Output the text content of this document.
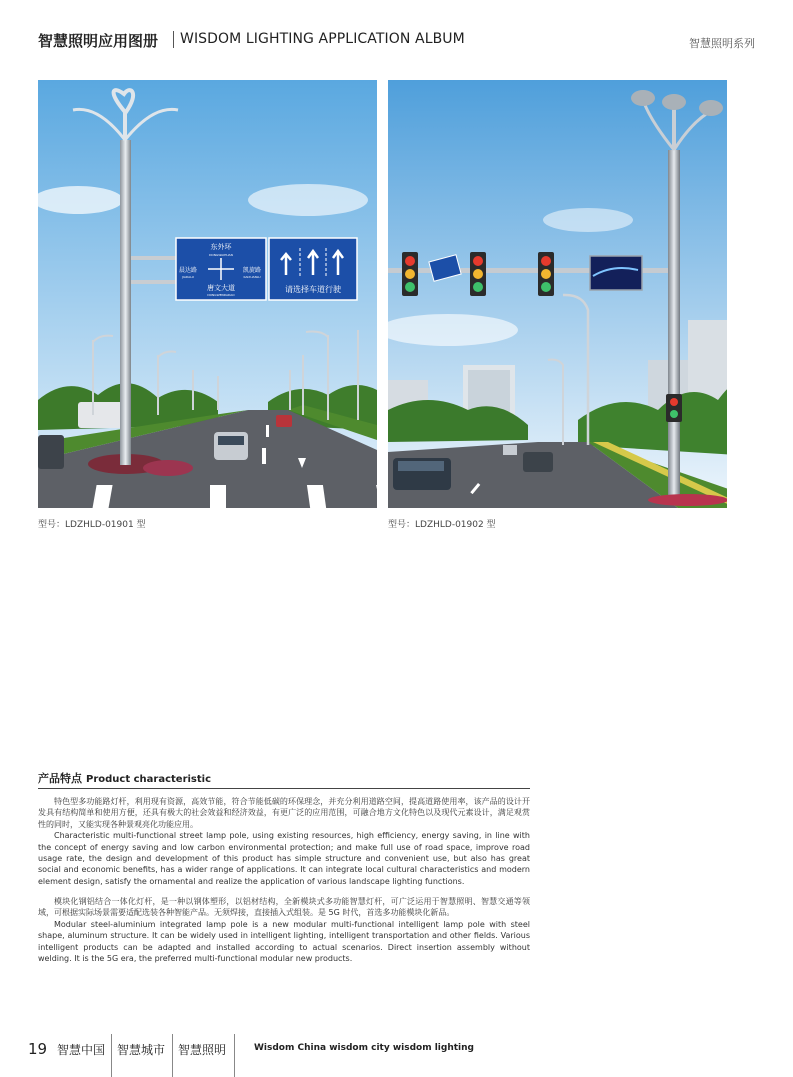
智慧照明应用图册 WISDOM LIGHTING APPLICATION ALBUM	智慧照明系列
东外环
DONGWAIHUAN
晨达路
JIADALU
凯旋路
KAIXUANLU
唐文大道
DONGWENDADAO
请选择车道行驶
型号：LDZHLD-01901 型	型号：LDZHLD-01902 型
产品特点 Product characteristic

特色型多功能路灯杆，利用现有资源，高效节能，符合节能低碳的环保理念，并充分利用道路空间，提高道路使用率，该产品的设计开发具有结构简单和使用方便，还具有极大的社会效益和经济效益，有更广泛的应用范围，可融合地方文化特色以及现代元素设计，满足观赏性的同时，又能实现各种景观亮化功能应用。

Characteristic multi-functional street lamp pole, using existing resources, high efficiency, energy saving, in line with the concept of energy saving and low carbon environmental protection; and make full use of road space, improve road usage rate, the design and development of this product has simple structure and convenient use, but also has great social and economic benefits, has a wider range of applications. It can integrate local cultural characteristics and modern element design, satisfy the ornamental and realize the application of various landscape lighting functions.

模块化钢铝结合一体化灯杆，是一种以钢体塑形，以铝材结构，全新模块式多功能智慧灯杆，可广泛运用于智慧照明、智慧交通等领域，可根据实际场景需要适配选装各种智能产品。无须焊接，直接插入式组装。是 5G 时代，首选多功能模块化新品。

Modular steel-aluminium integrated lamp pole is a new modular multi-functional intelligent lamp pole with steel shape, aluminum structure. It can be widely used in intelligent lighting, intelligent transportation and other fields. Various intelligent products can be adapted and installed according to actual scenarios. Direct insertion assembly without welding. It is the 5G era, the preferred multi-functional modular new products.

19 智慧中国 智慧城市 智慧照明	Wisdom China wisdom city wisdom lighting
